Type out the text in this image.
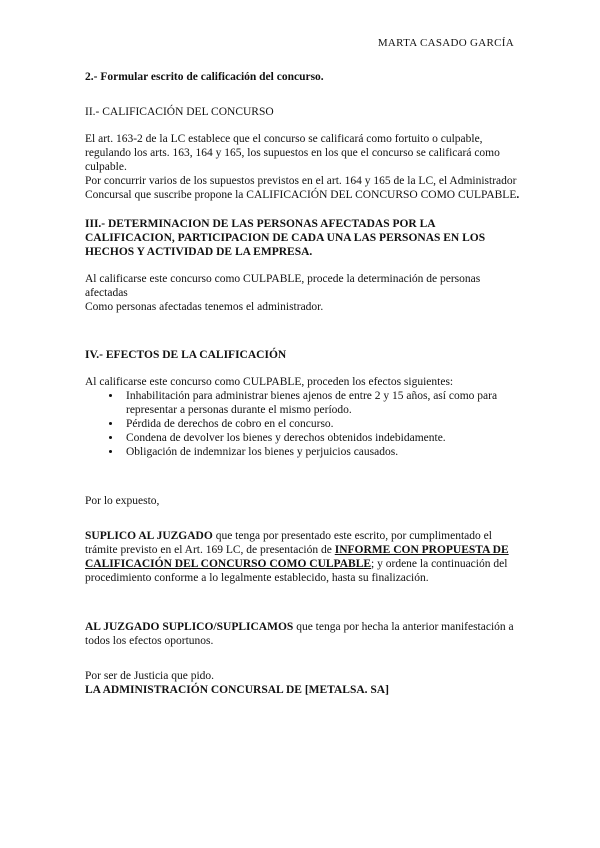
MARTA CASADO GARCÍA

2.- Formular escrito de calificación del concurso.

II.- CALIFICACIÓN DEL CONCURSO

El art. 163-2 de la LC establece que el concurso se calificará como fortuito o culpable, regulando los arts. 163, 164 y 165, los supuestos en los que el concurso se calificará como culpable.

Por concurrir varios de los supuestos previstos en el art. 164 y 165 de la LC, el Administrador Concursal que suscribe propone la CALIFICACIÓN DEL CONCURSO COMO CULPABLE.

III.- DETERMINACION DE LAS PERSONAS AFECTADAS POR LA CALIFICACION, PARTICIPACION DE CADA UNA LAS PERSONAS EN LOS HECHOS Y ACTIVIDAD DE LA EMPRESA.

Al calificarse este concurso como CULPABLE, procede la determinación de personas afectadas

Como personas afectadas tenemos el administrador.

IV.- EFECTOS DE LA CALIFICACIÓN

Al calificarse este concurso como CULPABLE, proceden los efectos siguientes:

• Inhabilitación para administrar bienes ajenos de entre 2 y 15 años, así como para representar a personas durante el mismo período.
• Pérdida de derechos de cobro en el concurso.
• Condena de devolver los bienes y derechos obtenidos indebidamente.
• Obligación de indemnizar los bienes y perjuicios causados.

Por lo expuesto,

SUPLICO AL JUZGADO que tenga por presentado este escrito, por cumplimentado el trámite previsto en el Art. 169 LC, de presentación de INFORME CON PROPUESTA DE CALIFICACIÓN DEL CONCURSO COMO CULPABLE; y ordene la continuación del procedimiento conforme a lo legalmente establecido, hasta su finalización.

AL JUZGADO SUPLICO/SUPLICAMOS que tenga por hecha la anterior manifestación a todos los efectos oportunos.

Por ser de Justicia que pido.

LA ADMINISTRACIÓN CONCURSAL DE [METALSA. SA]
